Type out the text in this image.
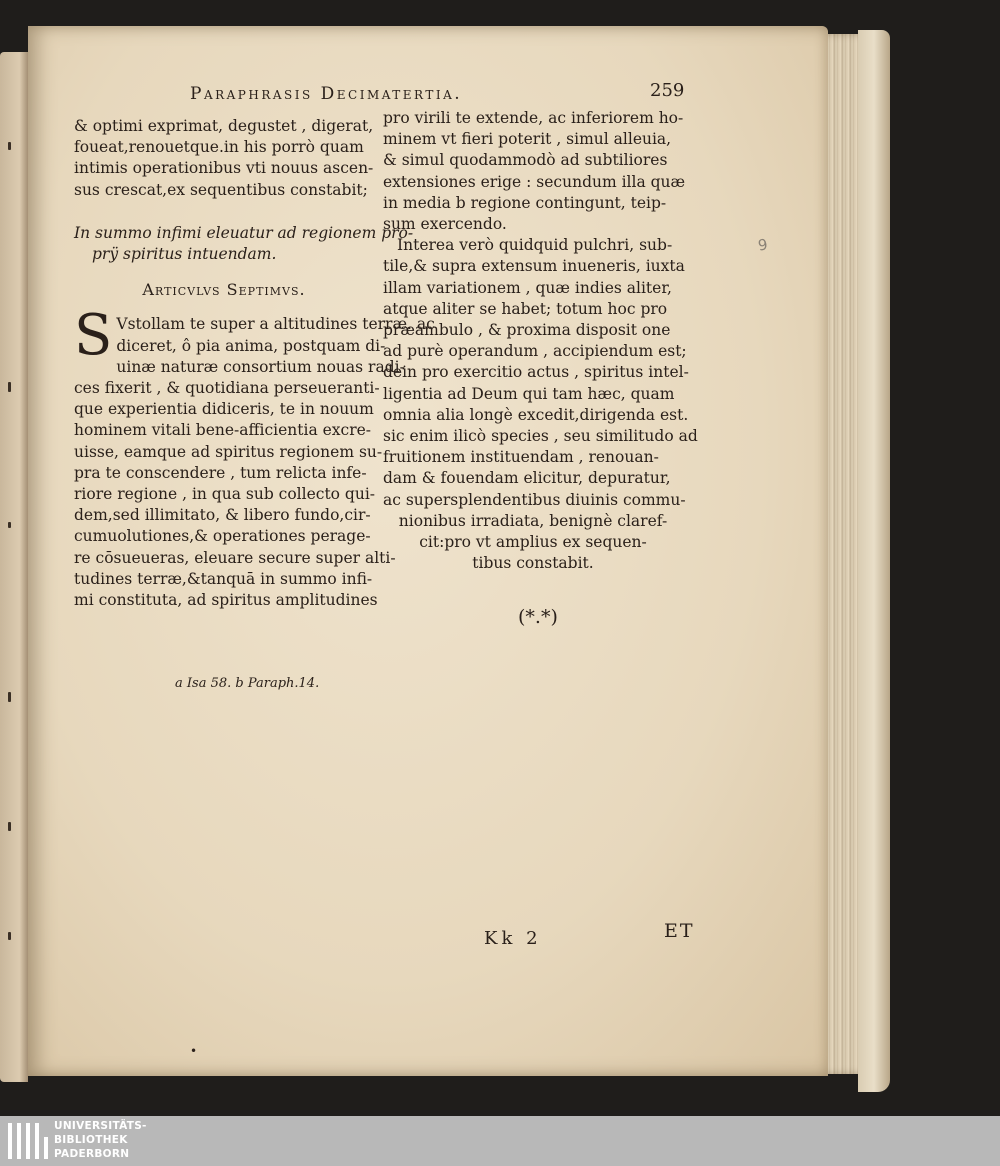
Paraphrasis Decimatertia.	259
& optimi exprimat, degustet , digerat,
foueat,renouetque.in his porrò quam
intimis operationibus vti nouus ascen-
sus crescat,ex sequentibus constabit;
In summo infimi eleuatur ad regionem pro-
prÿ spiritus intuendam.
Articvlvs Septimvs.
S Vstollam te super a altitudines terræ. ac
diceret, ô pia anima, postquam di-
uinæ naturæ consortium nouas radi-
ces fixerit , & quotidiana perseueranti-
que experientia didiceris, te in nouum
hominem vitali bene-afficientia excre-
uisse, eamque ad spiritus regionem su-
pra te conscendere , tum relicta infe-
riore regione , in qua sub collecto qui-
dem,sed illimitato, & libero fundo,cir-
cumuolutiones,& operationes perage-
re cōsueueras, eleuare secure super alti-
tudines terræ,&tanquā in summo infi-
mi constituta, ad spiritus amplitudines
pro virili te extende, ac inferiorem ho-
minem vt fieri poterit , simul alleuia,
& simul quodammodò ad subtiliores
extensiones erige : secundum illa quæ
in media b regione contingunt, teip-
sum exercendo.
Interea verò quidquid pulchri, sub-
tile,& supra extensum inueneris, iuxta
illam variationem , quæ indies aliter,
atque aliter se habet; totum hoc pro
præambulo , & proxima disposit one
ad purè operandum , accipiendum est;
dein pro exercitio actus , spiritus intel-
ligentia ad Deum qui tam hæc, quam
omnia alia longè excedit,dirigenda est.
sic enim ilicò species , seu similitudo ad
fruitionem instituendam , renouan-
dam & fouendam elicitur, depuratur,
ac supersplendentibus diuinis commu-
nionibus irradiata, benignè claref-
cit:pro vt amplius ex sequen-
tibus constabit.
(*.*)
a Isa 58. b Paraph.14.
Kk 2	ET
9
•
UNIVERSITÄTS-
BIBLIOTHEK
PADERBORN
